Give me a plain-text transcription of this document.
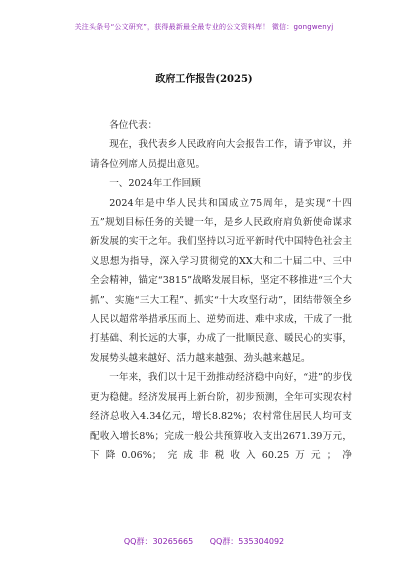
关注头条号“公文研究”，获得最新最全最专业的公文资料库！ 微信：gongwenyj
政府工作报告(2025)

各位代表：

现在，我代表乡人民政府向大会报告工作，请予审议，并请各位列席人员提出意见。

一、2024年工作回顾

2024年是中华人民共和国成立75周年，是实现“十四五”规划目标任务的关键一年，是乡人民政府肩负新使命谋求新发展的实干之年。我们坚持以习近平新时代中国特色社会主义思想为指导，深入学习贯彻党的XX大和二十届二中、三中全会精神，锚定“3815”战略发展目标，坚定不移推进“三个大抓”、实施“三大工程”、抓实“十大攻坚行动”，团结带领全乡人民以超常举措承压而上、逆势而进、难中求成，干成了一批打基础、利长远的大事，办成了一批顺民意、暖民心的实事，发展势头越来越好、活力越来越强、劲头越来越足。

一年来，我们以十足干劲推动经济稳中向好，“进”的步伐更为稳健。经济发展再上新台阶，初步预测，全年可实现农村经济总收入4.34亿元，增长8.82%；农村常住居民人均可支配收入增长8%；完成一般公共预算收入支出2671.39万元，下降0.06%；完成非税收入60.25万元；净

QQ群：30265665 QQ群：535304092
